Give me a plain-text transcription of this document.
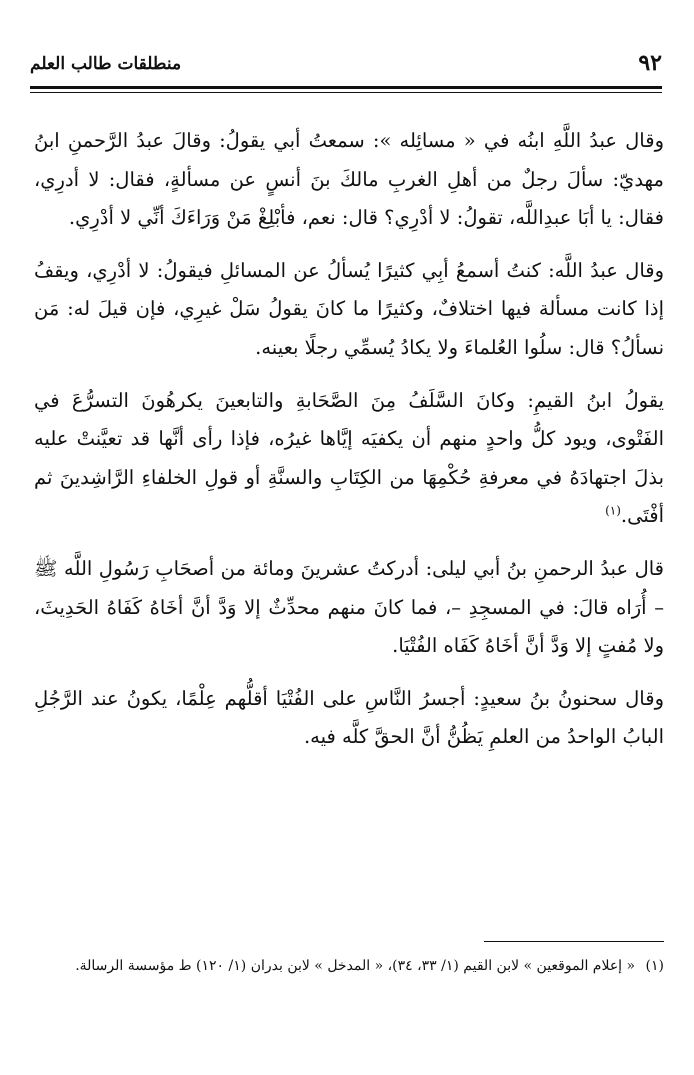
٩٢
منطلقات طالب العلم

وقال عبدُ اللَّهِ ابنُه في « مسائِله »: سمعتُ أبي يقولُ: وقالَ عبدُ الرَّحمنِ ابنُ مهديّ: سألَ رجلٌ من أهلِ الغربِ مالكَ بنَ أنسٍ عن مسألةٍ، فقال: لا أدرِي، فقال: يا أبَا عبدِاللَّه، تقولُ: لا أدْرِي؟ قال: نعم، فأبْلِغْ مَنْ وَرَاءَكَ أنِّي لا أدْرِي.

وقال عبدُ اللَّه: كنتُ أسمعُ أبِي كثيرًا يُسألُ عن المسائلِ فيقولُ: لا أدْرِي، ويقفُ إذا كانت مسألة فيها اختلافٌ، وكثيرًا ما كانَ يقولُ سَلْ غيرِي، فإن قيلَ له: مَن نسألُ؟ قال: سلُوا العُلماءَ ولا يكادُ يُسمِّي رجلًا بعينه.

يقولُ ابنُ القيمِ: وكانَ السَّلَفُ مِنَ الصَّحَابةِ والتابعينَ يكرهُونَ التسرُّعَ في الفَتْوى، ويود كلُّ واحدٍ منهم أن يكفيَه إيَّاها غيرُه، فإذا رأى أنَّها قد تعيَّنتْ عليه بذلَ اجتهادَهُ في معرفةِ حُكْمِهَا من الكِتَابِ والسنَّةِ أو قولِ الخلفاءِ الرَّاشِدينَ ثم أفْتَى.$^{(١)}$

قال عبدُ الرحمنِ بنُ أبي ليلى: أدركتُ عشرينَ ومائة من أصحَابِ رَسُولِ اللَّه ﷺ – أُرَاه قالَ: في المسجِدِ –، فما كانَ منهم محدِّثٌ إلا وَدَّ أنَّ أخَاهُ كَفَاهُ الحَدِيثَ، ولا مُفتٍ إلا وَدَّ أنَّ أخَاهُ كَفَاه الفُتْيَا.

وقال سحنونُ بنُ سعيدٍ: أجسرُ النَّاسِ على الفُتْيَا أقلُّهم عِلْمًا، يكونُ عند الرَّجُلِ البابُ الواحدُ من العلمِ يَظُنُّ أنَّ الحقَّ كلَّه فيه.

(١) « إعلام الموقعين » لابن القيم (١/ ٣٣، ٣٤)، « المدخل » لابن بدران (١/ ١٢٠) ط مؤسسة الرسالة.
